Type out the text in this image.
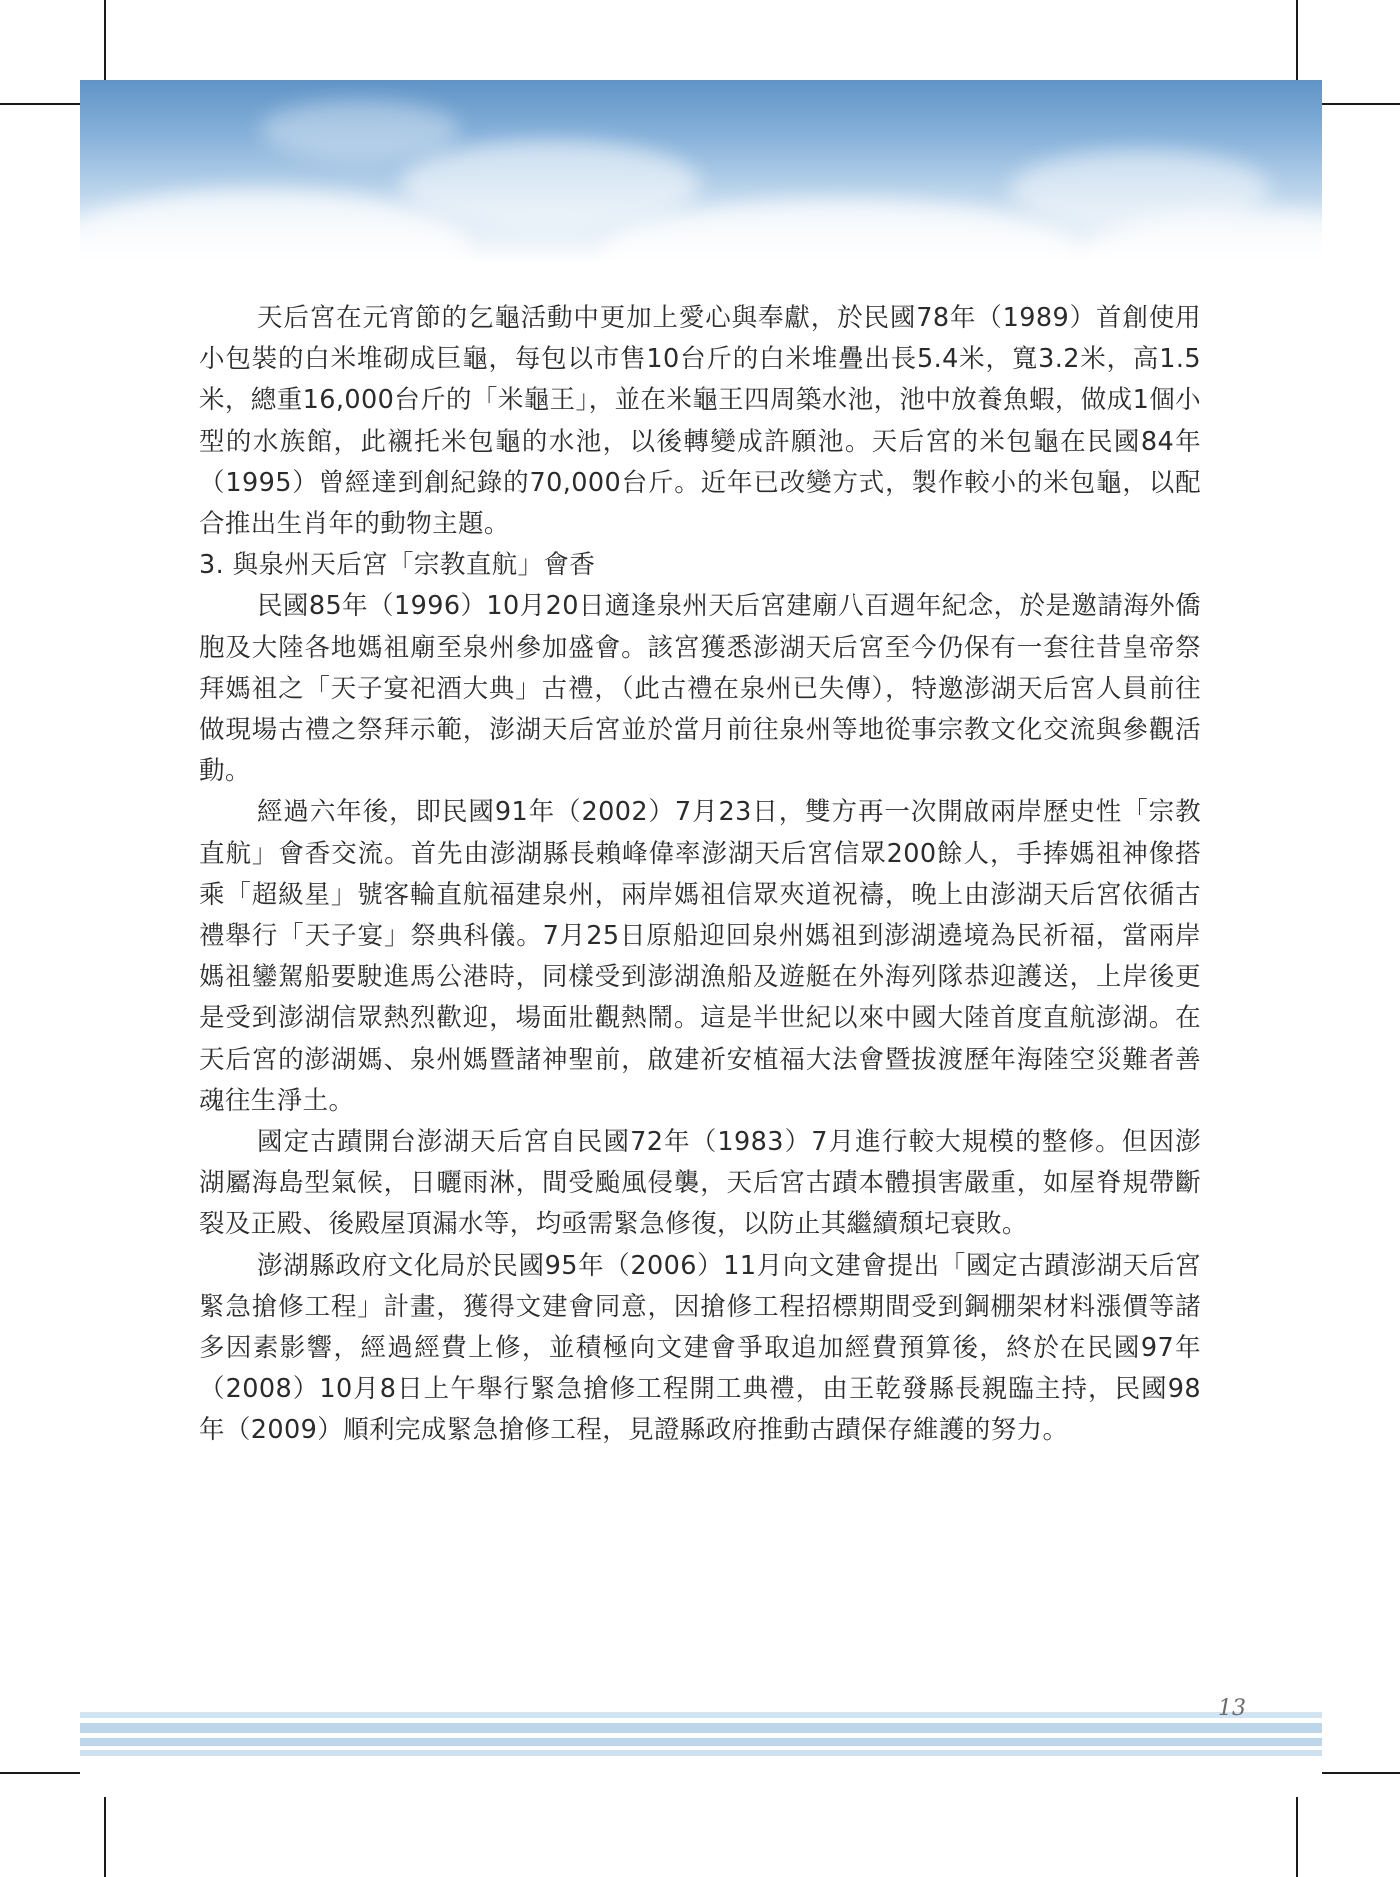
天后宮在元宵節的乞龜活動中更加上愛心與奉獻，於民國78年（1989）首創使用小包裝的白米堆砌成巨龜，每包以市售10台斤的白米堆疊出長5.4米，寬3.2米，高1.5米，總重16,000台斤的「米龜王」，並在米龜王四周築水池，池中放養魚蝦，做成1個小型的水族館，此襯托米包龜的水池，以後轉變成許願池。天后宮的米包龜在民國84年（1995）曾經達到創紀錄的70,000台斤。近年已改變方式，製作較小的米包龜，以配合推出生肖年的動物主題。

3. 與泉州天后宮「宗教直航」會香

民國85年（1996）10月20日適逢泉州天后宮建廟八百週年紀念，於是邀請海外僑胞及大陸各地媽祖廟至泉州參加盛會。該宮獲悉澎湖天后宮至今仍保有一套往昔皇帝祭拜媽祖之「天子宴祀酒大典」古禮，（此古禮在泉州已失傳），特邀澎湖天后宮人員前往做現場古禮之祭拜示範，澎湖天后宮並於當月前往泉州等地從事宗教文化交流與參觀活動。

經過六年後，即民國91年（2002）7月23日，雙方再一次開啟兩岸歷史性「宗教直航」會香交流。首先由澎湖縣長賴峰偉率澎湖天后宮信眾200餘人，手捧媽祖神像搭乘「超級星」號客輪直航福建泉州，兩岸媽祖信眾夾道祝禱，晚上由澎湖天后宮依循古禮舉行「天子宴」祭典科儀。7月25日原船迎回泉州媽祖到澎湖遶境為民祈福，當兩岸媽祖鑾駕船要駛進馬公港時，同樣受到澎湖漁船及遊艇在外海列隊恭迎護送，上岸後更是受到澎湖信眾熱烈歡迎，場面壯觀熱鬧。這是半世紀以來中國大陸首度直航澎湖。在天后宮的澎湖媽、泉州媽暨諸神聖前，啟建祈安植福大法會暨拔渡歷年海陸空災難者善魂往生淨土。

國定古蹟開台澎湖天后宮自民國72年（1983）7月進行較大規模的整修。但因澎湖屬海島型氣候，日曬雨淋，間受颱風侵襲，天后宮古蹟本體損害嚴重，如屋脊規帶斷裂及正殿、後殿屋頂漏水等，均亟需緊急修復，以防止其繼續頹圮衰敗。

澎湖縣政府文化局於民國95年（2006）11月向文建會提出「國定古蹟澎湖天后宮緊急搶修工程」計畫，獲得文建會同意，因搶修工程招標期間受到鋼棚架材料漲價等諸多因素影響，經過經費上修，並積極向文建會爭取追加經費預算後，終於在民國97年（2008）10月8日上午舉行緊急搶修工程開工典禮，由王乾發縣長親臨主持，民國98年（2009）順利完成緊急搶修工程，見證縣政府推動古蹟保存維護的努力。

13
